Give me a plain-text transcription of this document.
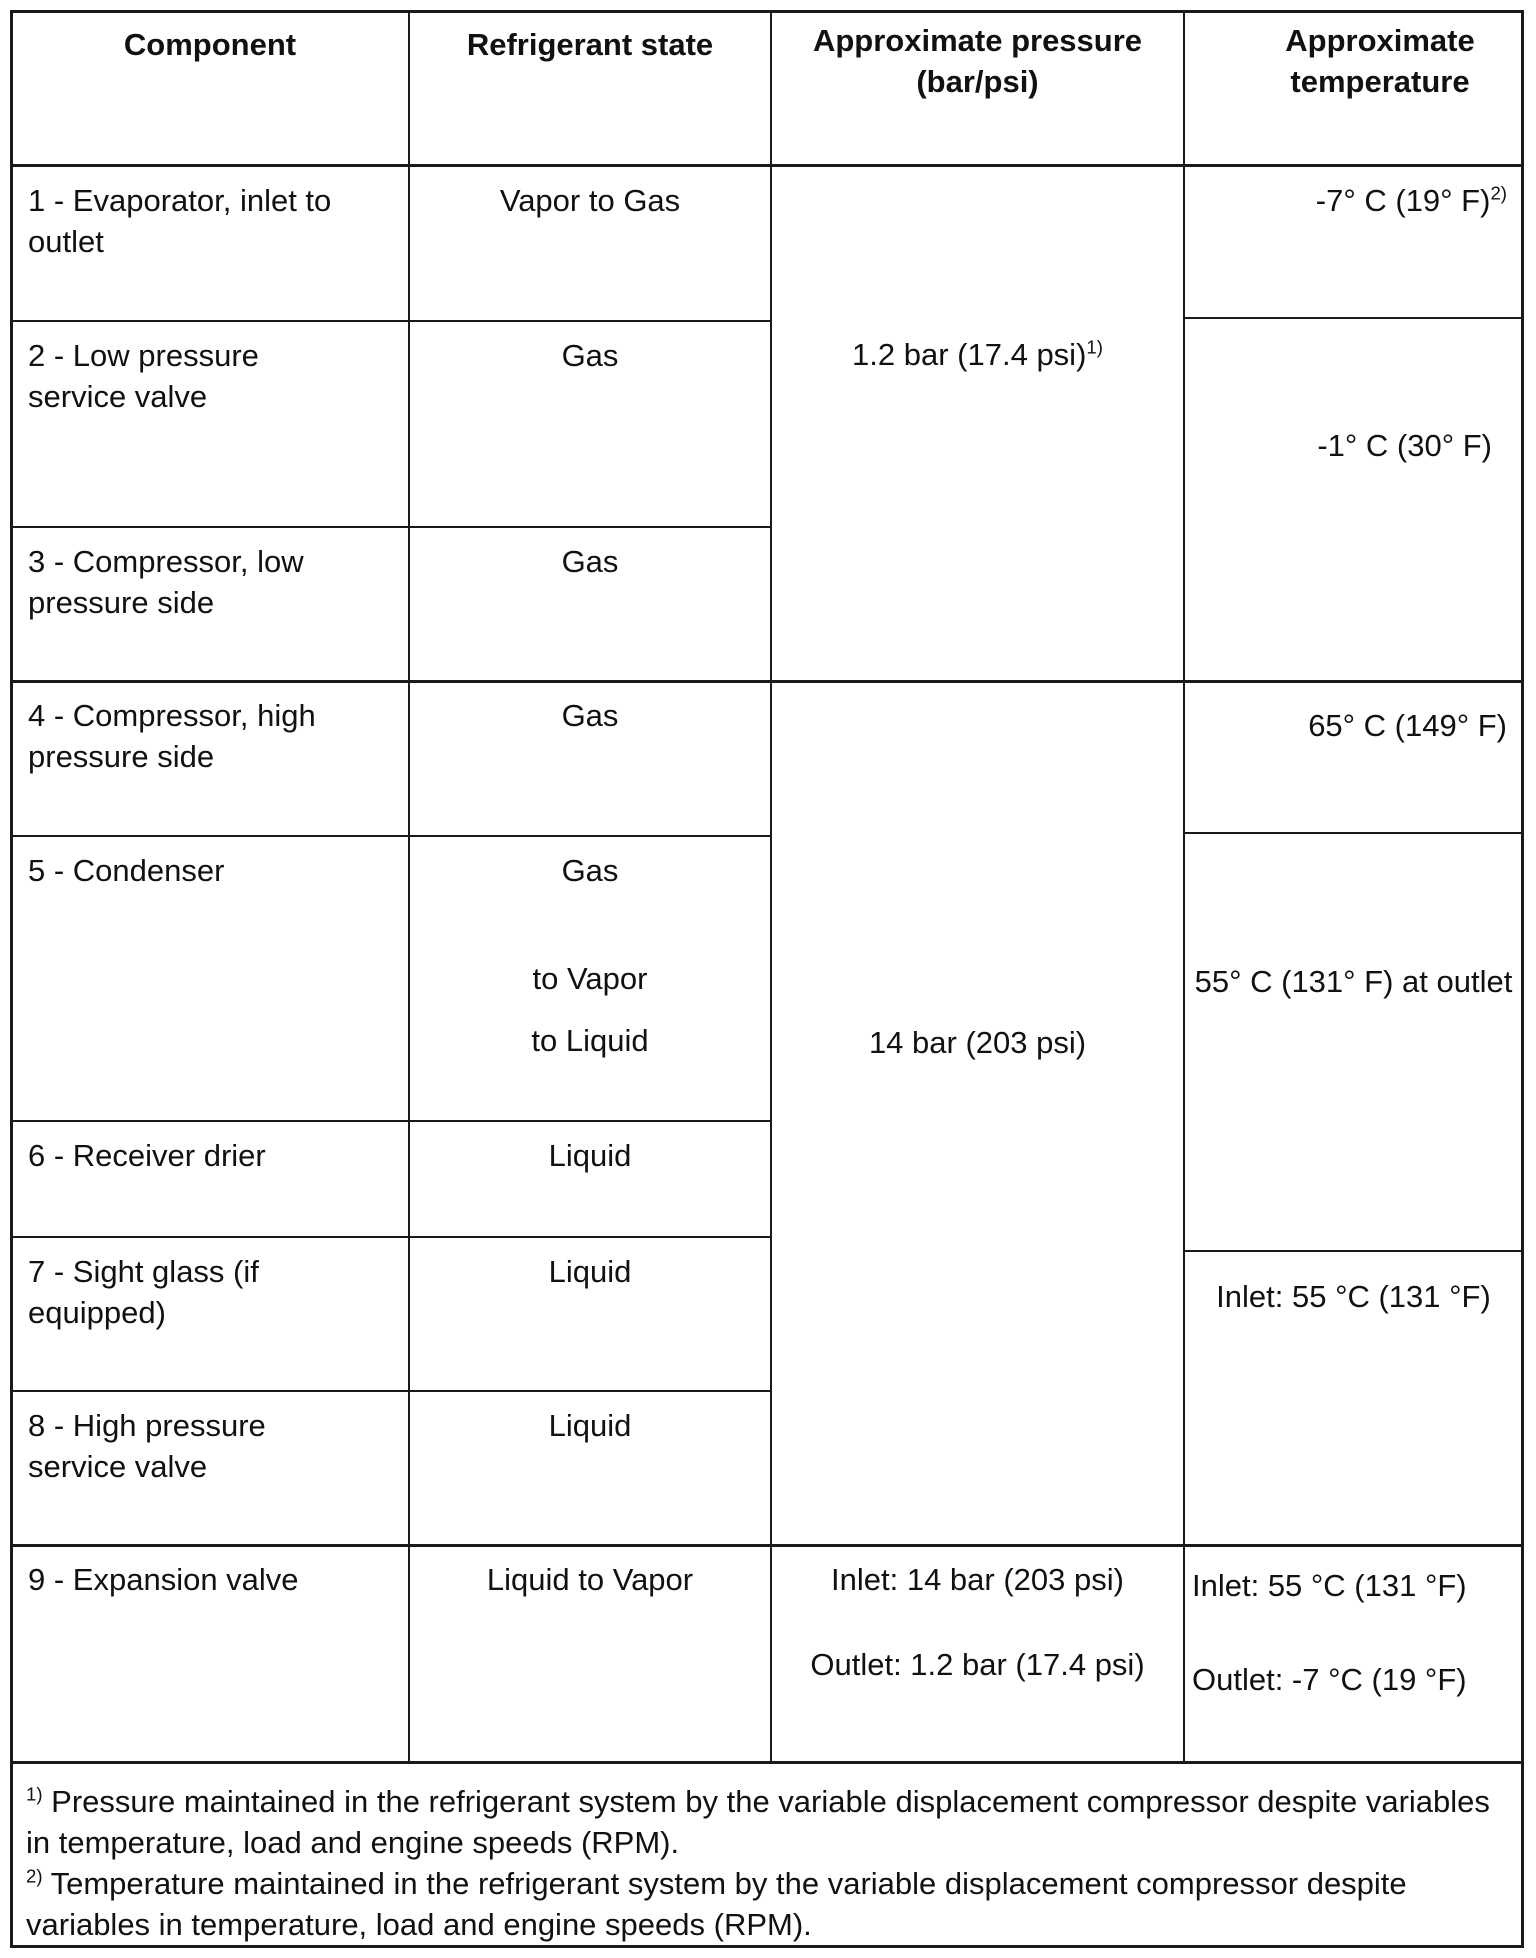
Component	Refrigerant state	Approximate pressure (bar/psi)
Approximate temperature
1 - Evaporator, inlet to outlet
2 - Low pressure service valve
3 - Compressor, low pressure side
4 - Compressor, high pressure side
5 - Condenser
6 - Receiver drier
7 - Sight glass (if equipped)
8 - High pressure service valve
9 - Expansion valve
Vapor to Gas
Gas
Gas
Gas
Gas
to Vapor
to Liquid
Liquid
Liquid
Liquid
Liquid to Vapor
1.2 bar (17.4 psi)$^{1)}$
14 bar (203 psi)
Inlet: 14 bar (203 psi)
Outlet: 1.2 bar (17.4 psi)
-7° C (19° F)$^{2)}$
-1° C (30° F)
65° C (149° F)
55° C (131° F) at outlet
Inlet: 55 °C (131 °F)
Inlet: 55 °C (131 °F)
Outlet: -7 °C (19 °F)
$^{1)}$ Pressure maintained in the refrigerant system by the variable displacement compressor despite variables in temperature, load and engine speeds (RPM).
$^{2)}$ Temperature maintained in the refrigerant system by the variable displacement compressor despite variables in temperature, load and engine speeds (RPM).
